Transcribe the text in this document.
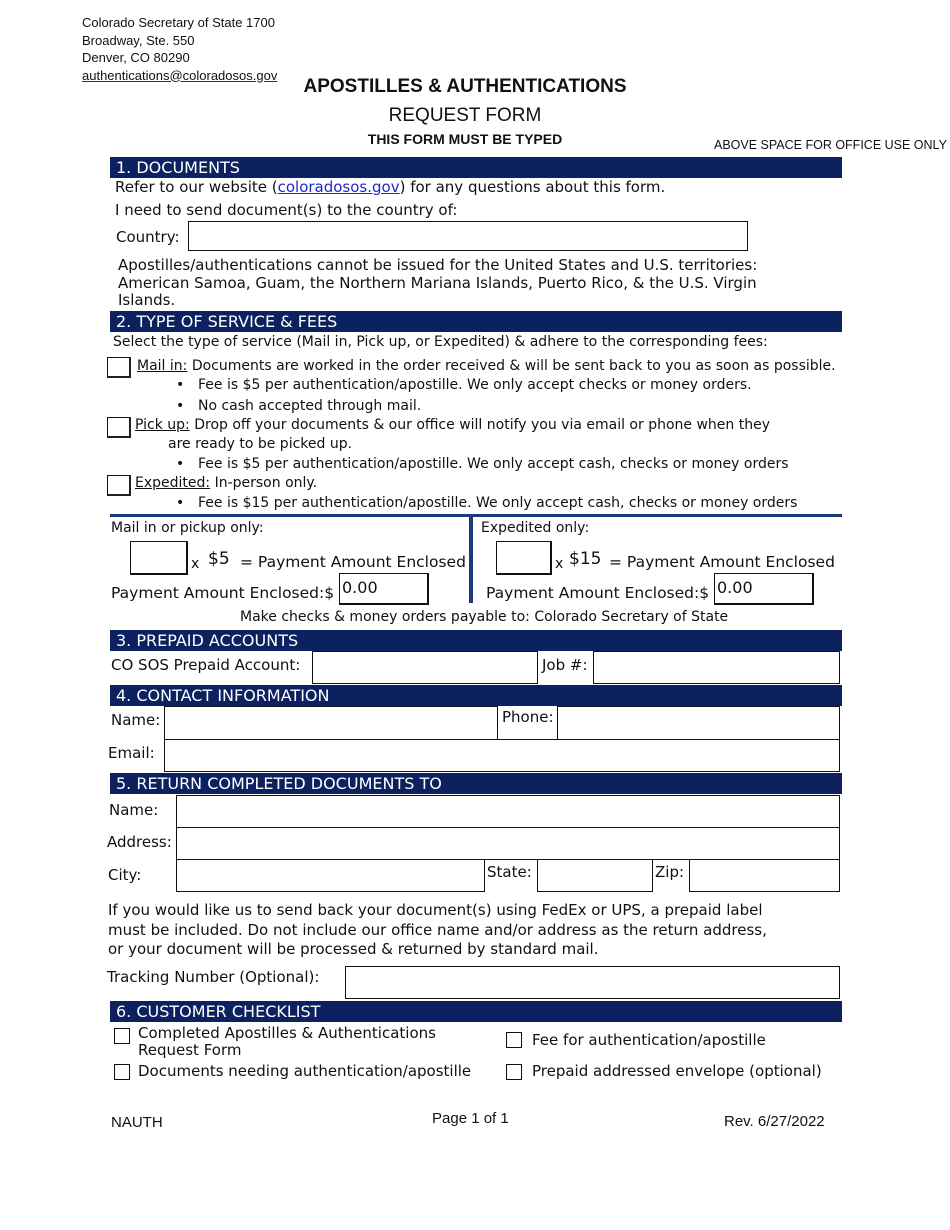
Colorado Secretary of State 1700
Broadway, Ste. 550
Denver, CO 80290
authentications@coloradosos.gov
APOSTILLES & AUTHENTICATIONS
REQUEST FORM
THIS FORM MUST BE TYPED	ABOVE SPACE FOR OFFICE USE ONLY
1. DOCUMENTS
Refer to our website (coloradosos.gov) for any questions about this form.
I need to send document(s) to the country of:
Country:
Apostilles/authentications cannot be issued for the United States and U.S. territories:
American Samoa, Guam, the Northern Mariana Islands, Puerto Rico, & the U.S. Virgin
Islands.
2. TYPE OF SERVICE & FEES
Select the type of service (Mail in, Pick up, or Expedited) & adhere to the corresponding fees:
Mail in: Documents are worked in the order received & will be sent back to you as soon as possible.
• Fee is $5 per authentication/apostille. We only accept checks or money orders.
• No cash accepted through mail.
Pick up: Drop off your documents & our office will notify you via email or phone when they
are ready to be picked up.
• Fee is $5 per authentication/apostille. We only accept cash, checks or money orders
Expedited: In-person only.
• Fee is $15 per authentication/apostille. We only accept cash, checks or money orders
Mail in or pickup only:
x $5 = Payment Amount Enclosed
Payment Amount Enclosed:$ 0.00
Expedited only:
x $15 = Payment Amount Enclosed
Payment Amount Enclosed:$ 0.00
Make checks & money orders payable to: Colorado Secretary of State
3. PREPAID ACCOUNTS
CO SOS Prepaid Account:	Job #:
4. CONTACT INFORMATION
Name:	Phone:
Email:
5. RETURN COMPLETED DOCUMENTS TO
Name:
Address:
City:	State:	Zip:
If you would like us to send back your document(s) using FedEx or UPS, a prepaid label
must be included. Do not include our office name and/or address as the return address,
or your document will be processed & returned by standard mail.
Tracking Number (Optional):
6. CUSTOMER CHECKLIST
Completed Apostilles & Authentications
Request Form
Documents needing authentication/apostille
Fee for authentication/apostille
Prepaid addressed envelope (optional)
NAUTH	Page 1 of 1	Rev. 6/27/2022
